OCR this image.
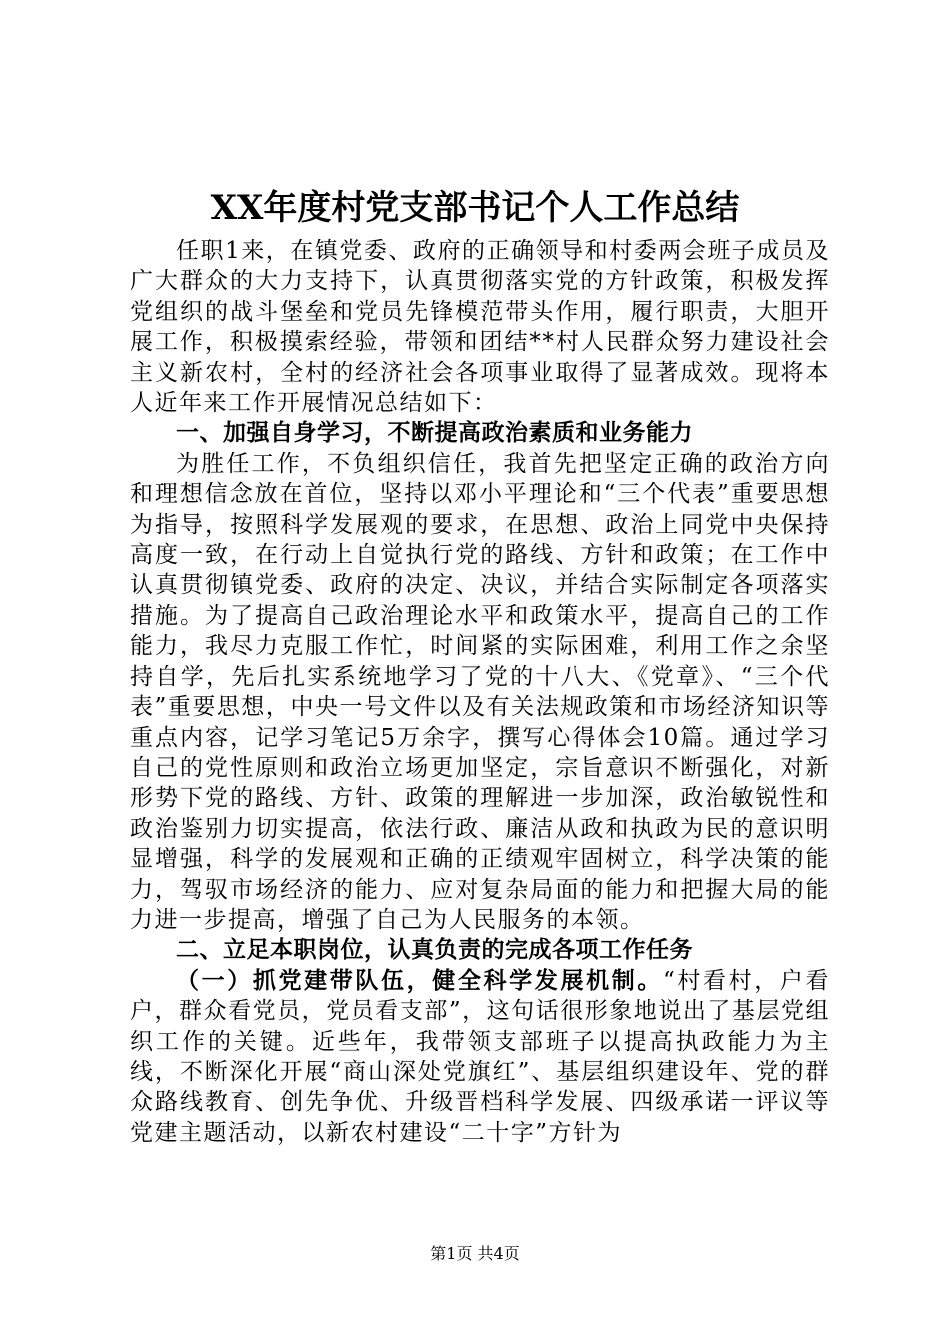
XX年度村党支部书记个人工作总结

任职1来，在镇党委、政府的正确领导和村委两会班子成员及广大群众的大力支持下，认真贯彻落实党的方针政策，积极发挥党组织的战斗堡垒和党员先锋模范带头作用，履行职责，大胆开展工作，积极摸索经验，带领和团结**村人民群众努力建设社会主义新农村，全村的经济社会各项事业取得了显著成效。现将本人近年来工作开展情况总结如下：

一、加强自身学习，不断提高政治素质和业务能力

为胜任工作，不负组织信任，我首先把坚定正确的政治方向和理想信念放在首位，坚持以邓小平理论和“三个代表”重要思想为指导，按照科学发展观的要求，在思想、政治上同党中央保持高度一致，在行动上自觉执行党的路线、方针和政策；在工作中认真贯彻镇党委、政府的决定、决议，并结合实际制定各项落实措施。为了提高自己政治理论水平和政策水平，提高自己的工作能力，我尽力克服工作忙，时间紧的实际困难，利用工作之余坚持自学，先后扎实系统地学习了党的十八大、《党章》、“三个代表”重要思想，中央一号文件以及有关法规政策和市场经济知识等重点内容，记学习笔记5万余字，撰写心得体会10篇。通过学习自己的党性原则和政治立场更加坚定，宗旨意识不断强化，对新形势下党的路线、方针、政策的理解进一步加深，政治敏锐性和政治鉴别力切实提高，依法行政、廉洁从政和执政为民的意识明显增强，科学的发展观和正确的正绩观牢固树立，科学决策的能力，驾驭市场经济的能力、应对复杂局面的能力和把握大局的能力进一步提高，增强了自己为人民服务的本领。

二、立足本职岗位，认真负责的完成各项工作任务

（一）抓党建带队伍，健全科学发展机制。“村看村，户看户，群众看党员，党员看支部”，这句话很形象地说出了基层党组织工作的关键。近些年，我带领支部班子以提高执政能力为主线，不断深化开展“商山深处党旗红”、基层组织建设年、党的群众路线教育、创先争优、升级晋档科学发展、四级承诺一评议等党建主题活动，以新农村建设“二十字”方针为

第1页 共4页
